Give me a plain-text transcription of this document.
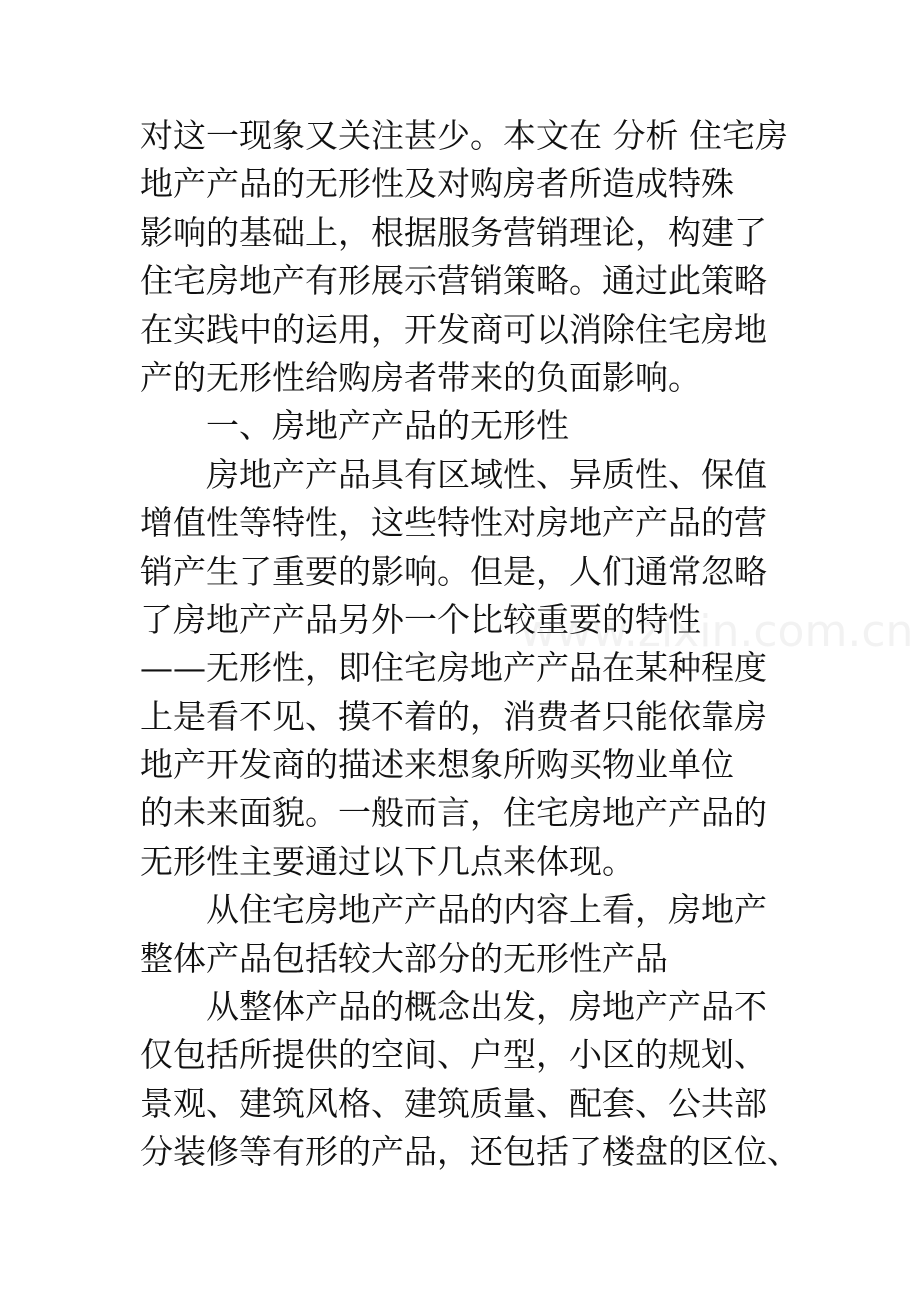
对这一现象又关注甚少。本文在 分析 住宅房
地产产品的无形性及对购房者所造成特殊
影响的基础上，根据服务营销理论，构建了
住宅房地产有形展示营销策略。通过此策略
在实践中的运用，开发商可以消除住宅房地
产的无形性给购房者带来的负面影响。
一、房地产产品的无形性
房地产产品具有区域性、异质性、保值
增值性等特性，这些特性对房地产产品的营
销产生了重要的影响。但是，人们通常忽略
了房地产产品另外一个比较重要的特性
——无形性，即住宅房地产产品在某种程度
上是看不见、摸不着的，消费者只能依靠房
地产开发商的描述来想象所购买物业单位
的未来面貌。一般而言，住宅房地产产品的
无形性主要通过以下几点来体现。
从住宅房地产产品的内容上看，房地产
整体产品包括较大部分的无形性产品
从整体产品的概念出发，房地产产品不
仅包括所提供的空间、户型，小区的规划、
景观、建筑风格、建筑质量、配套、公共部
分装修等有形的产品，还包括了楼盘的区位、
www.zixin.com.cn
